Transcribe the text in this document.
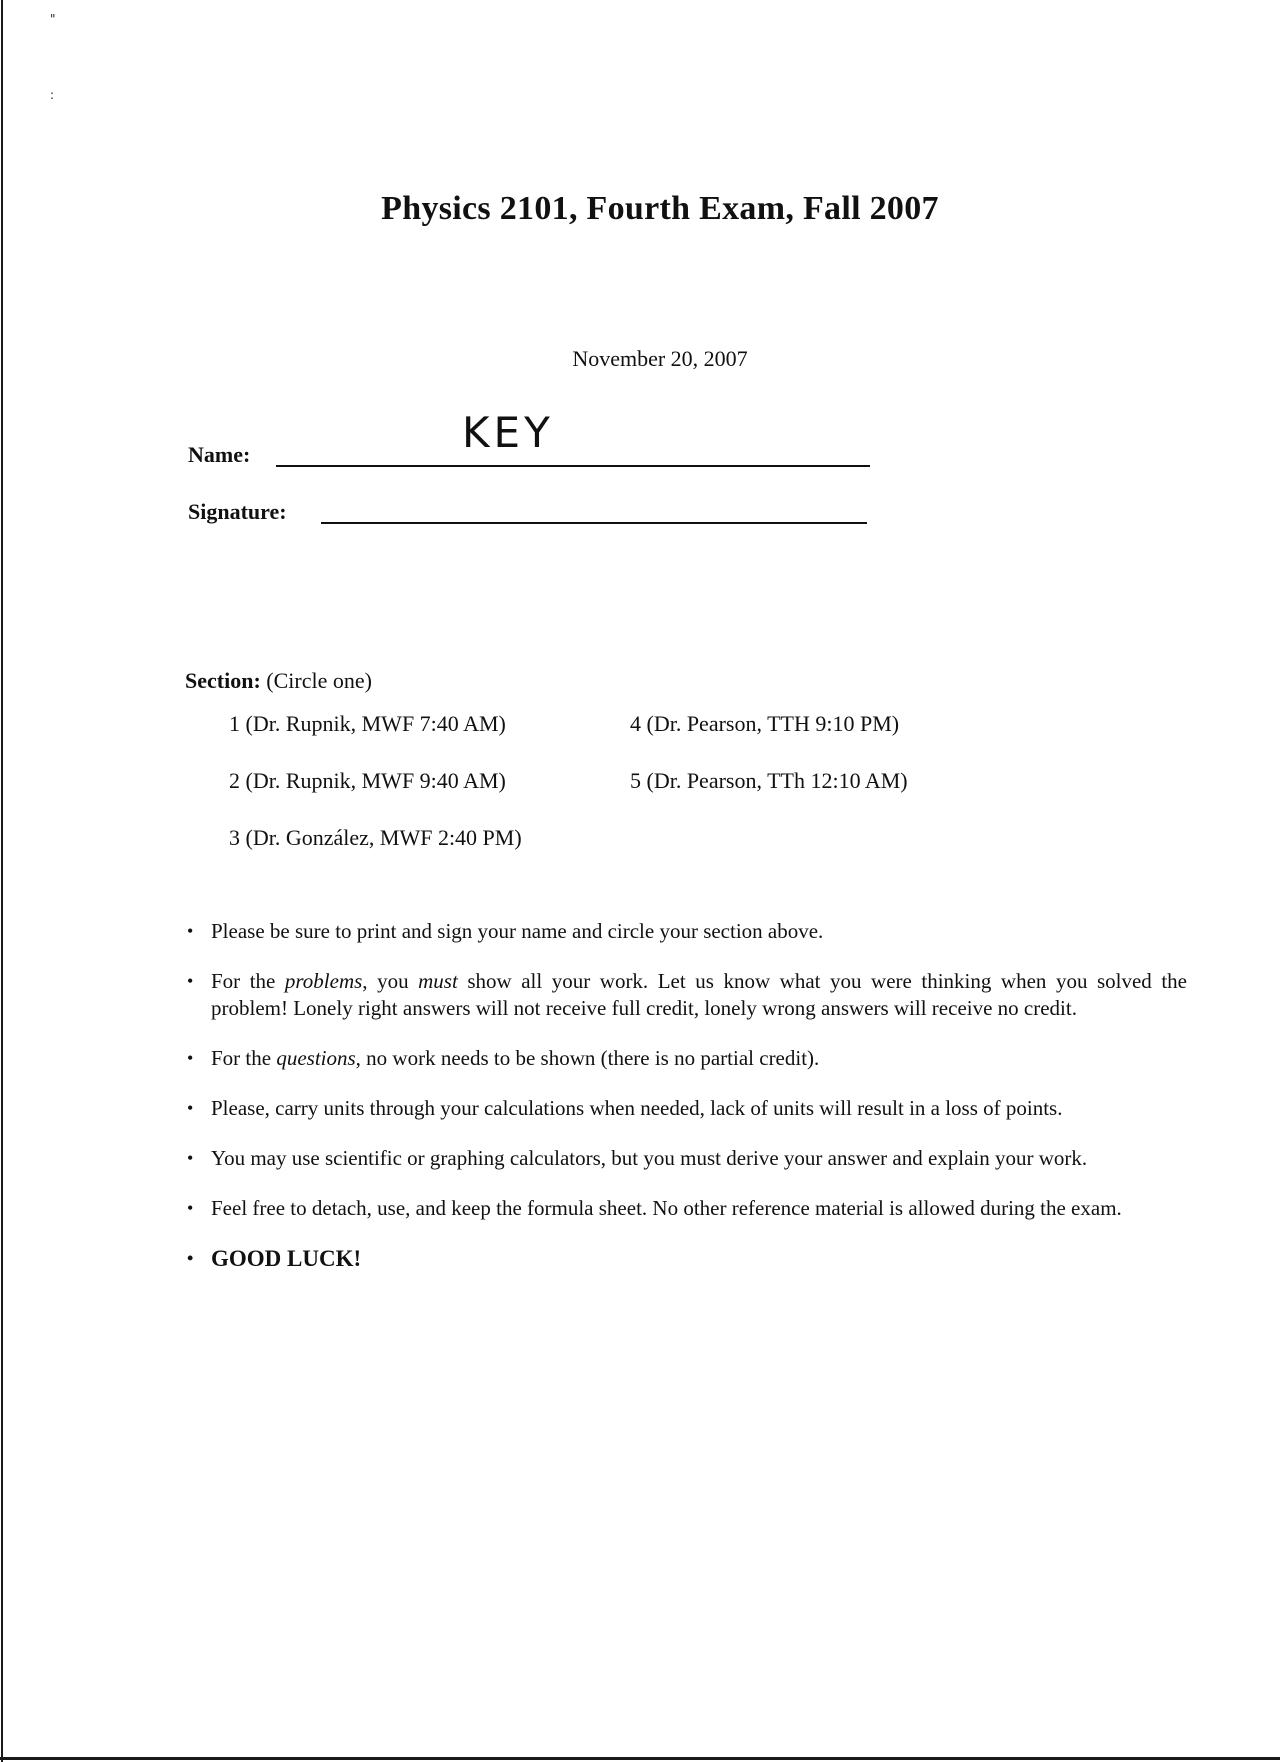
"
:
Physics 2101, Fourth Exam, Fall 2007
November 20, 2007
Name:	KEY
Signature:
Section: (Circle one)
1 (Dr. Rupnik, MWF 7:40 AM)
2 (Dr. Rupnik, MWF 9:40 AM)
3 (Dr. González, MWF 2:40 PM)
4 (Dr. Pearson, TTH 9:10 PM)
5 (Dr. Pearson, TTh 12:10 AM)
• Please be sure to print and sign your name and circle your section above.
• For the problems, you must show all your work. Let us know what you were thinking when you solved the problem! Lonely right answers will not receive full credit, lonely wrong answers will receive no credit.
• For the questions, no work needs to be shown (there is no partial credit).
• Please, carry units through your calculations when needed, lack of units will result in a loss of points.
• You may use scientific or graphing calculators, but you must derive your answer and explain your work.
• Feel free to detach, use, and keep the formula sheet. No other reference material is allowed during the exam.
• GOOD LUCK!
